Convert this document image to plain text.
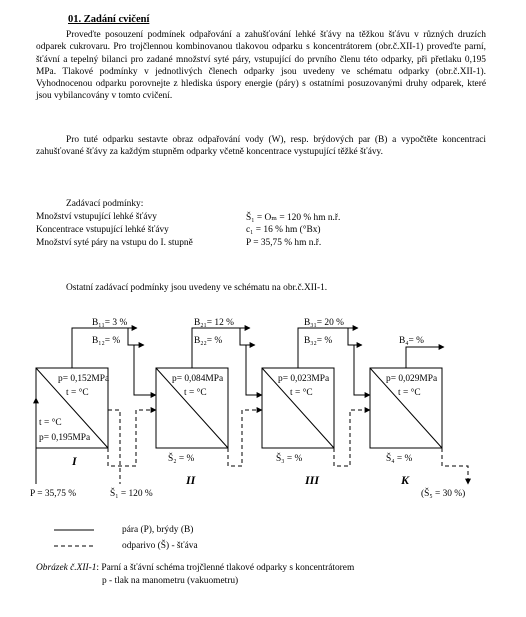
01. Zadání cvičení
Proveďte posouzení podmínek odpařování a zahušťování lehké šťávy na těžkou šťávu v různých druzích odparek cukrovaru. Pro trojčlennou kombinovanou tlakovou odparku s koncentrátorem (obr.č.XII-1) proveďte parní, šťávní a tepelný bilanci pro zadané množství syté páry, vstupující do prvního členu této odparky, při přetlaku 0,195 MPa. Tlakové podmínky v jednotlivých členech odparky jsou uvedeny ve schématu odparky (obr.č.XII-1). Vyhodnocenou odparku porovnejte z hlediska úspory energie (páry) s ostatními posuzovanými druhy odparek, které jsou vybilancovány v tomto cvičení.
Pro tuté odparku sestavte obraz odpařování vody (W), resp. brýdových par (B) a vypočtěte koncentraci zahušťované šťávy za každým stupněm odparky včetně koncentrace vystupující těžké šťávy.
Zadávací podmínky:
Množství vstupující lehké šťávy	Š₁ = Oₘ = 120 % hm n.ř.
Koncentrace vstupující lehké šťávy	c₁ = 16 % hm (°Bx)
Množství syté páry na vstupu do I. stupně	P = 35,75 % hm n.ř.
Ostatní zadávací podmínky jsou uvedeny ve schématu na obr.č.XII-1.
B₁₁= 3 %
B₁₂= %
B₂₁= 12 %
B₂₂= %
B₃₁= 20 %
B₃₂= %	B₄= %
p= 0,152MPa
t = °C
t = °C
p= 0,195MPa
p= 0,084MPa
t = °C
p= 0,023MPa
t = °C
p= 0,029MPa
t = °C
I
II	III	K
Š₂ = %	Š₃ = %	Š₄ = %
P = 35,75 %	Š₁ = 120 %	(Š₅ = 30 %)
pára (P), brýdy (B)
odparivo (Š) - šťáva
Obrázek č.XII-1: Parní a šťávní schéma trojčlenné tlakové odparky s koncentrátorem
p - tlak na manometru (vakuometru)
